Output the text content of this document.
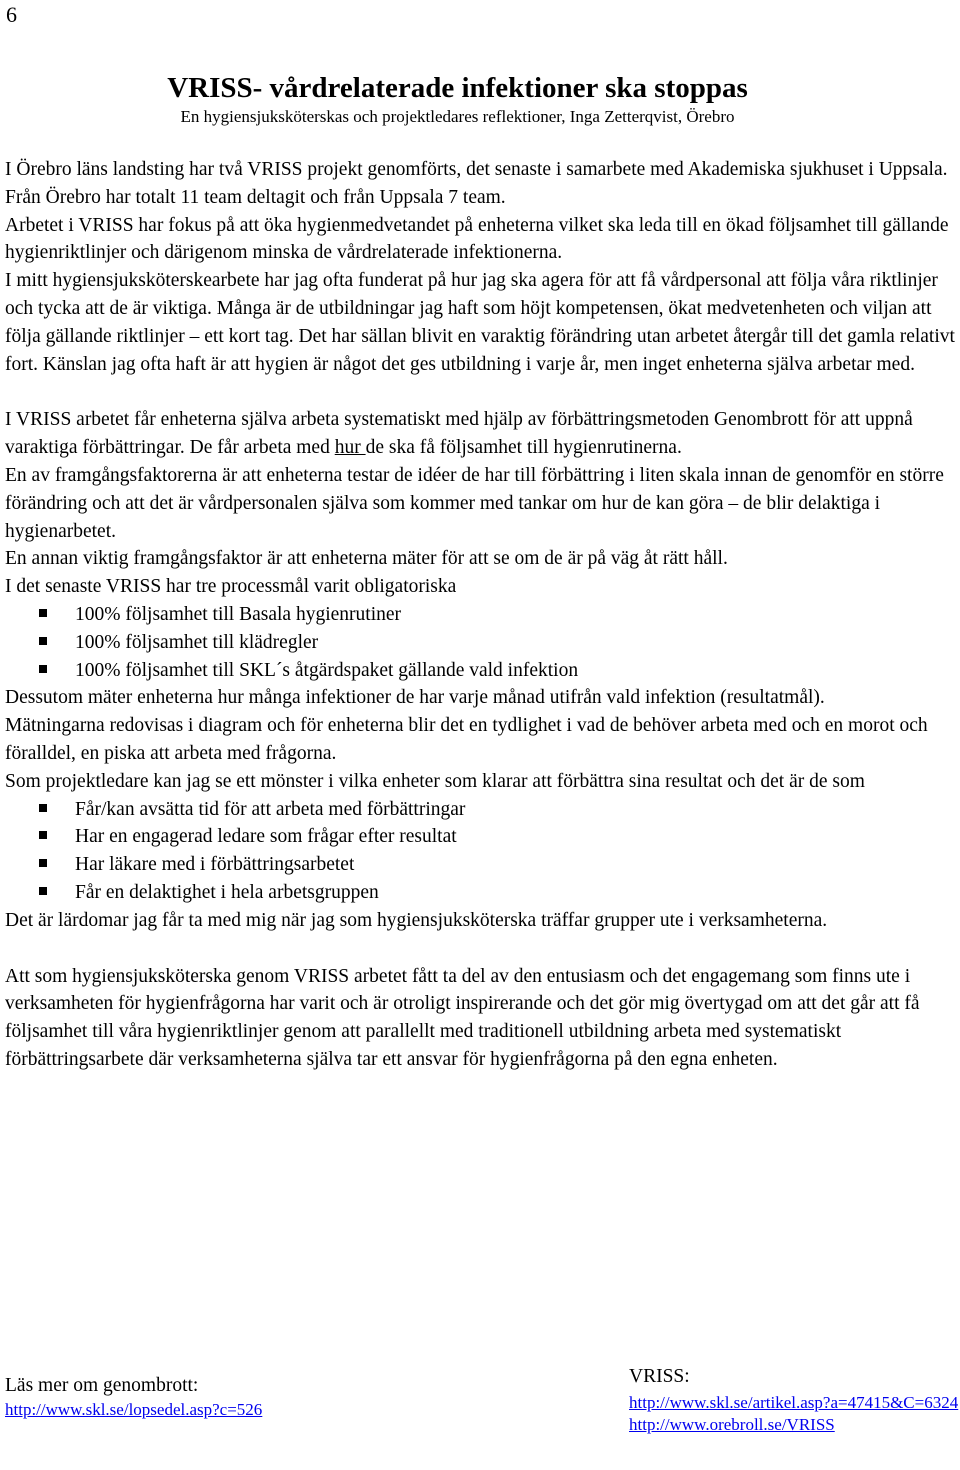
6
VRISS- vårdrelaterade infektioner ska stoppas
En hygiensjuksköterskas och projektledares reflektioner, Inga Zetterqvist, Örebro

I Örebro läns landsting har två VRISS projekt genomförts, det senaste i samarbete med Akademiska sjukhuset i Uppsala.

Från Örebro har totalt 11 team deltagit och från Uppsala 7 team.

Arbetet i VRISS har fokus på att öka hygienmedvetandet på enheterna vilket ska leda till en ökad följsamhet till gällande hygienriktlinjer och därigenom minska de vårdrelaterade infektionerna.

I mitt hygiensjuksköterskearbete har jag ofta funderat på hur jag ska agera för att få vårdpersonal att följa våra riktlinjer och tycka att de är viktiga. Många är de utbildningar jag haft som höjt kompetensen, ökat medvetenheten och viljan att följa gällande riktlinjer – ett kort tag. Det har sällan blivit en varaktig förändring utan arbetet återgår till det gamla relativt fort. Känslan jag ofta haft är att hygien är något det ges utbildning i varje år, men inget enheterna själva arbetar med.

I VRISS arbetet får enheterna själva arbeta systematiskt med hjälp av förbättringsmetoden Genombrott för att uppnå varaktiga förbättringar. De får arbeta med hur de ska få följsamhet till hygienrutinerna.

En av framgångsfaktorerna är att enheterna testar de idéer de har till förbättring i liten skala innan de genomför en större förändring och att det är vårdpersonalen själva som kommer med tankar om hur de kan göra – de blir delaktiga i hygienarbetet.

En annan viktig framgångsfaktor är att enheterna mäter för att se om de är på väg åt rätt håll.

I det senaste VRISS har tre processmål varit obligatoriska

100% följsamhet till Basala hygienrutiner
100% följsamhet till klädregler
100% följsamhet till SKL´s åtgärdspaket gällande vald infektion

Dessutom mäter enheterna hur många infektioner de har varje månad utifrån vald infektion (resultatmål).

Mätningarna redovisas i diagram och för enheterna blir det en tydlighet i vad de behöver arbeta med och en morot och föralldel, en piska att arbeta med frågorna.

Som projektledare kan jag se ett mönster i vilka enheter som klarar att förbättra sina resultat och det är de som

Får/kan avsätta tid för att arbeta med förbättringar
Har en engagerad ledare som frågar efter resultat
Har läkare med i förbättringsarbetet
Får en delaktighet i hela arbetsgruppen

Det är lärdomar jag får ta med mig när jag som hygiensjuksköterska träffar grupper ute i verksamheterna.

Att som hygiensjuksköterska genom VRISS arbetet fått ta del av den entusiasm och det engagemang som finns ute i verksamheten för hygienfrågorna har varit och är otroligt inspirerande och det gör mig övertygad om att det går att få följsamhet till våra hygienriktlinjer genom att parallellt med traditionell utbildning arbeta med systematiskt förbättringsarbete där verksamheterna själva tar ett ansvar för hygienfrågorna på den egna enheten.

Läs mer om genombrott:
http://www.skl.se/lopsedel.asp?c=526
VRISS:
http://www.skl.se/artikel.asp?a=47415&C=6324
http://www.orebroll.se/VRISS
